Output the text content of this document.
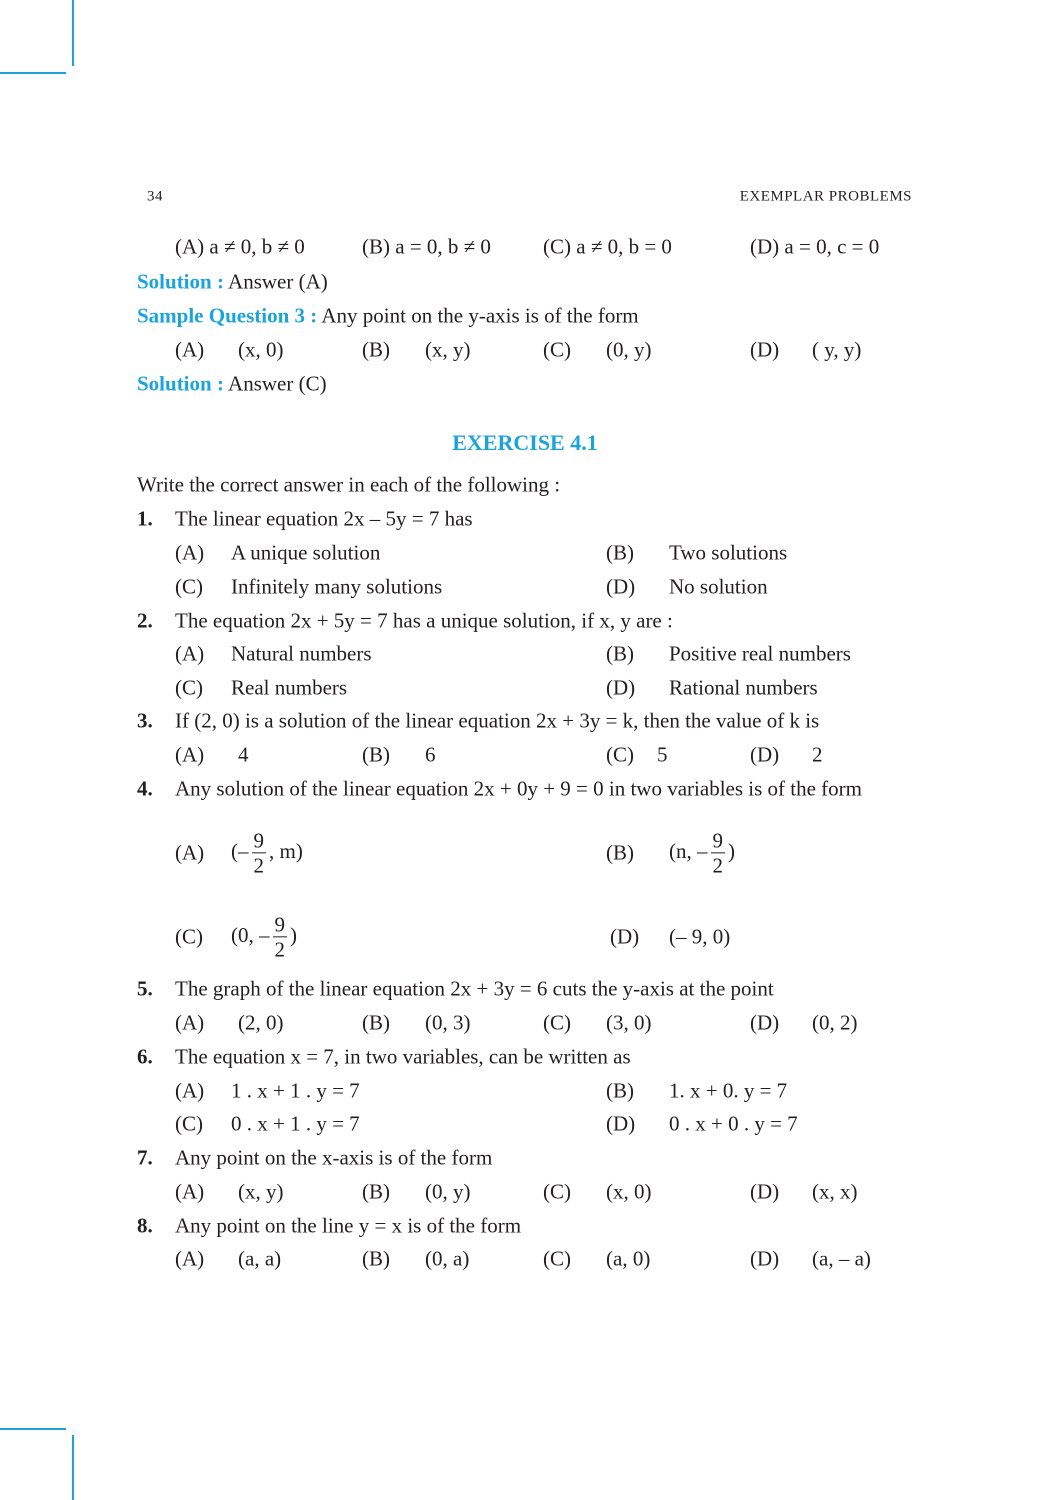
34	EXEMPLAR PROBLEMS
(A) a ≠ 0, b ≠ 0	(B) a = 0, b ≠ 0 (C) a ≠ 0, b = 0	(D) a = 0, c = 0
Solution : Answer (A)
Sample Question 3 : Any point on the y-axis is of the form
(A) (x, 0)	(B) (x, y)	(C) (0, y)	(D) ( y, y)
Solution : Answer (C)
EXERCISE 4.1
Write the correct answer in each of the following :
1. The linear equation 2x – 5y = 7 has
(A) A unique solution	(B) Two solutions
(C) Infinitely many solutions	(D) No solution
2. The equation 2x + 5y = 7 has a unique solution, if x, y are :
(A) Natural numbers	(B) Positive real numbers
(C) Real numbers	(D) Rational numbers
3. If (2, 0) is a solution of the linear equation 2x + 3y = k, then the value of k is
(A) 4	(B) 6	(C) 5	(D) 2
4. Any solution of the linear equation 2x + 0y + 9 = 0 in two variables is of the form
(A) (– $\frac{9}{2}$ , m)	(B) (n, – $\frac{9}{2}$ )
(C) (0, – $\frac{9}{2}$ )	(D) (– 9, 0)
5. The graph of the linear equation 2x + 3y = 6 cuts the y-axis at the point
(A) (2, 0)	(B) (0, 3)	(C) (3, 0)	(D) (0, 2)
6. The equation x = 7, in two variables, can be written as
(A) 1 . x + 1 . y = 7	(B) 1. x + 0. y = 7
(C) 0 . x + 1 . y = 7	(D) 0 . x + 0 . y = 7
7. Any point on the x-axis is of the form
(A) (x, y)	(B) (0, y)	(C) (x, 0)	(D) (x, x)
8. Any point on the line y = x is of the form
(A) (a, a)	(B) (0, a)	(C) (a, 0)	(D) (a, – a)
